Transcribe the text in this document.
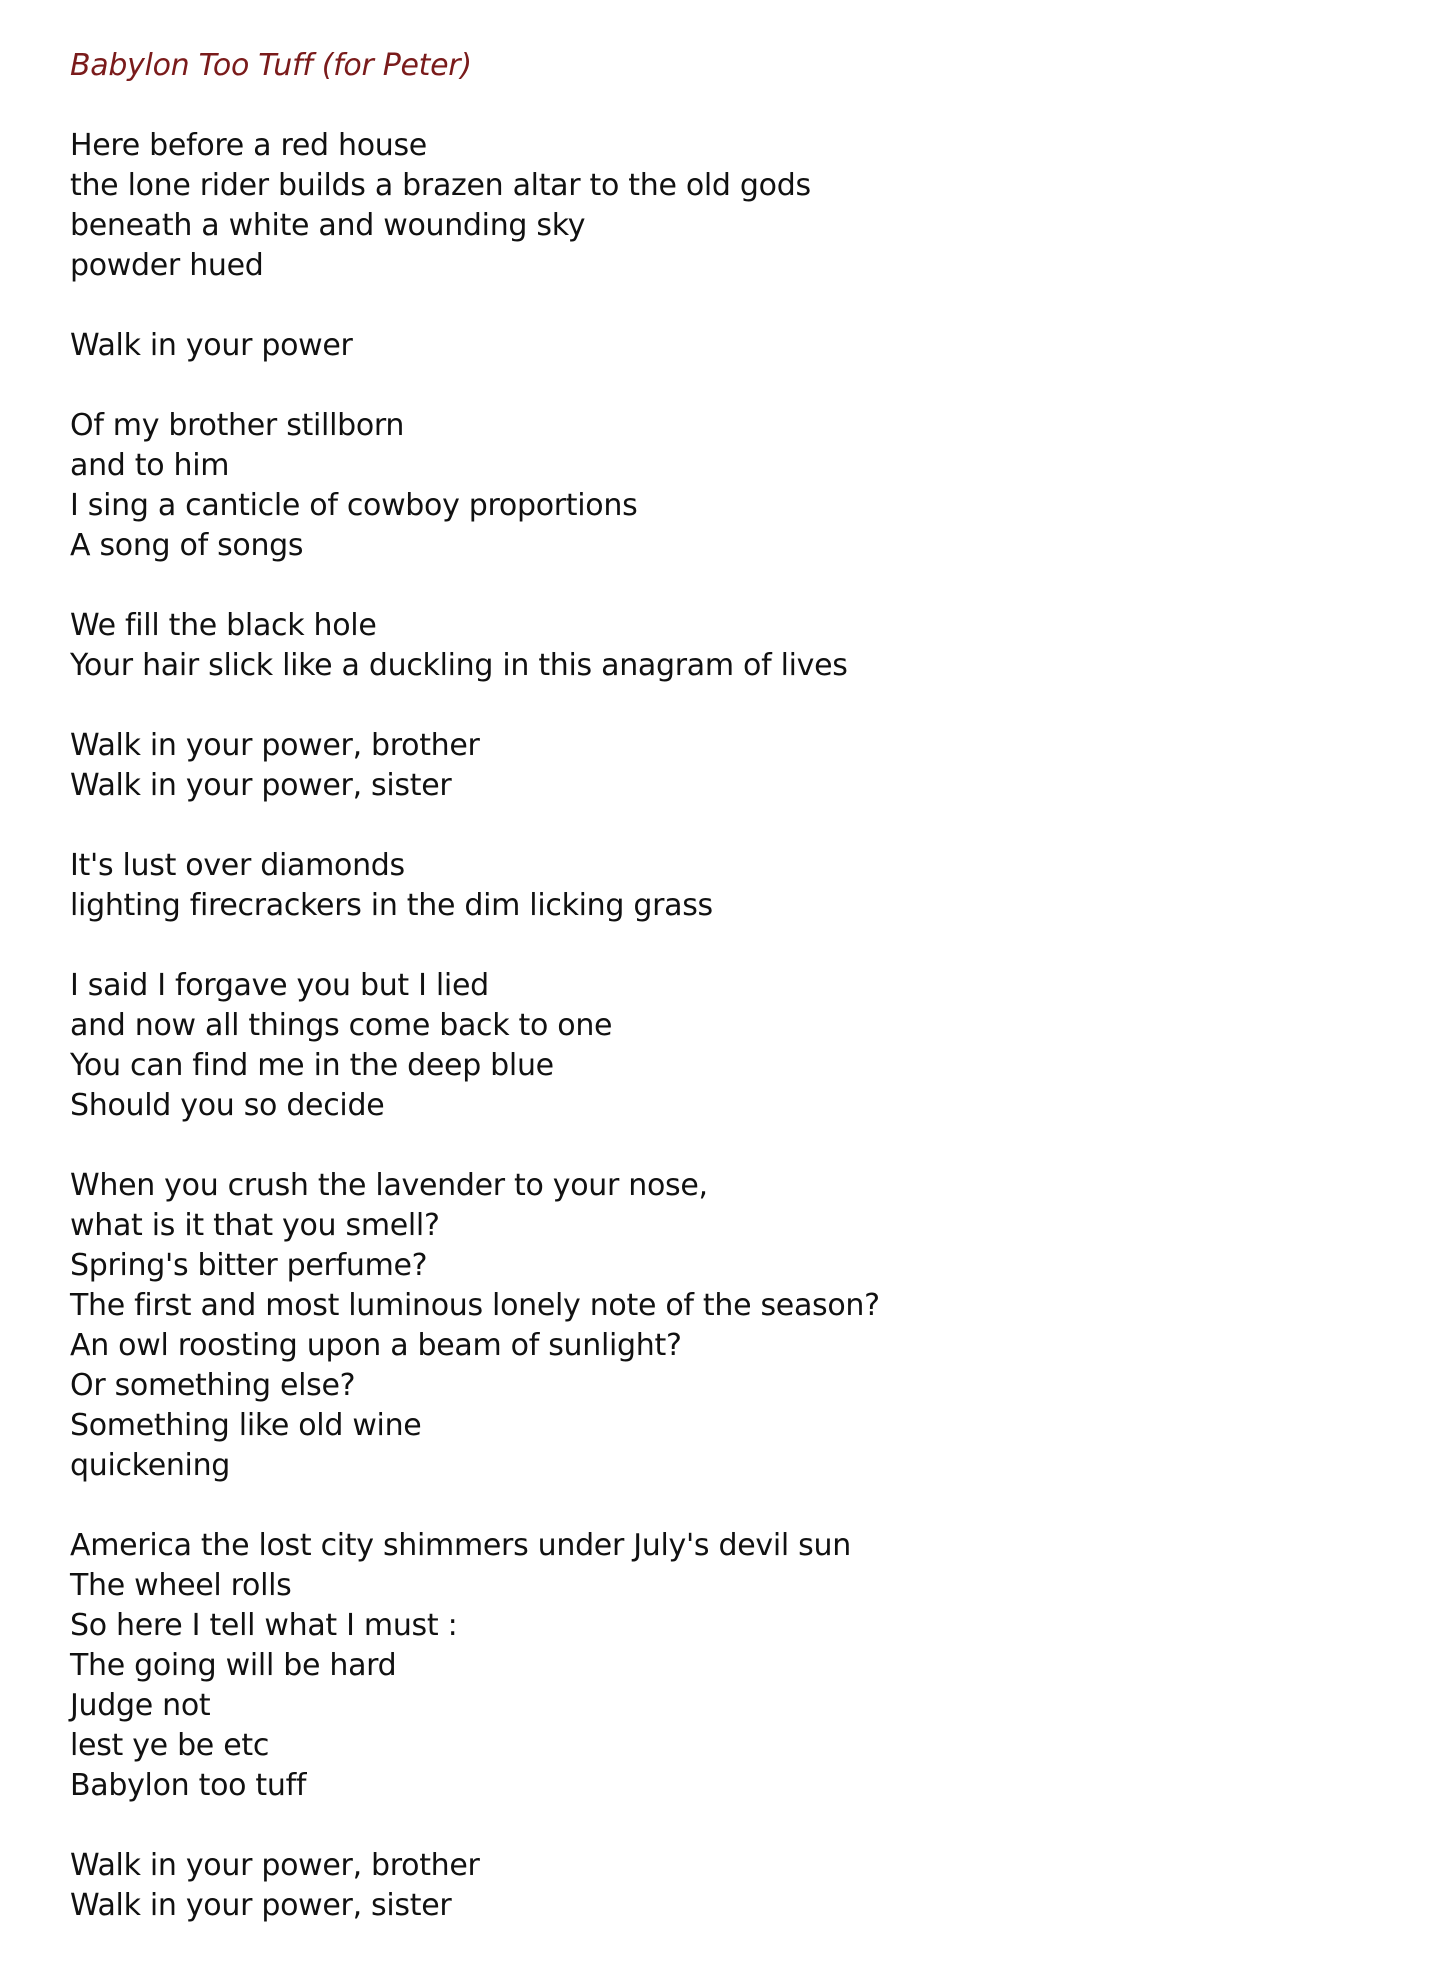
Babylon Too Tuff (for Peter)
Here before a red house
the lone rider builds a brazen altar to the old gods
beneath a white and wounding sky
powder hued
Walk in your power
Of my brother stillborn
and to him
I sing a canticle of cowboy proportions
A song of songs
We fill the black hole
Your hair slick like a duckling in this anagram of lives
Walk in your power, brother
Walk in your power, sister
It's lust over diamonds
lighting firecrackers in the dim licking grass
I said I forgave you but I lied
and now all things come back to one
You can find me in the deep blue
Should you so decide
When you crush the lavender to your nose,
what is it that you smell?
Spring's bitter perfume?
The first and most luminous lonely note of the season?
An owl roosting upon a beam of sunlight?
Or something else?
Something like old wine
quickening
America the lost city shimmers under July's devil sun
The wheel rolls
So here I tell what I must :
The going will be hard
Judge not
lest ye be etc
Babylon too tuff
Walk in your power, brother
Walk in your power, sister
